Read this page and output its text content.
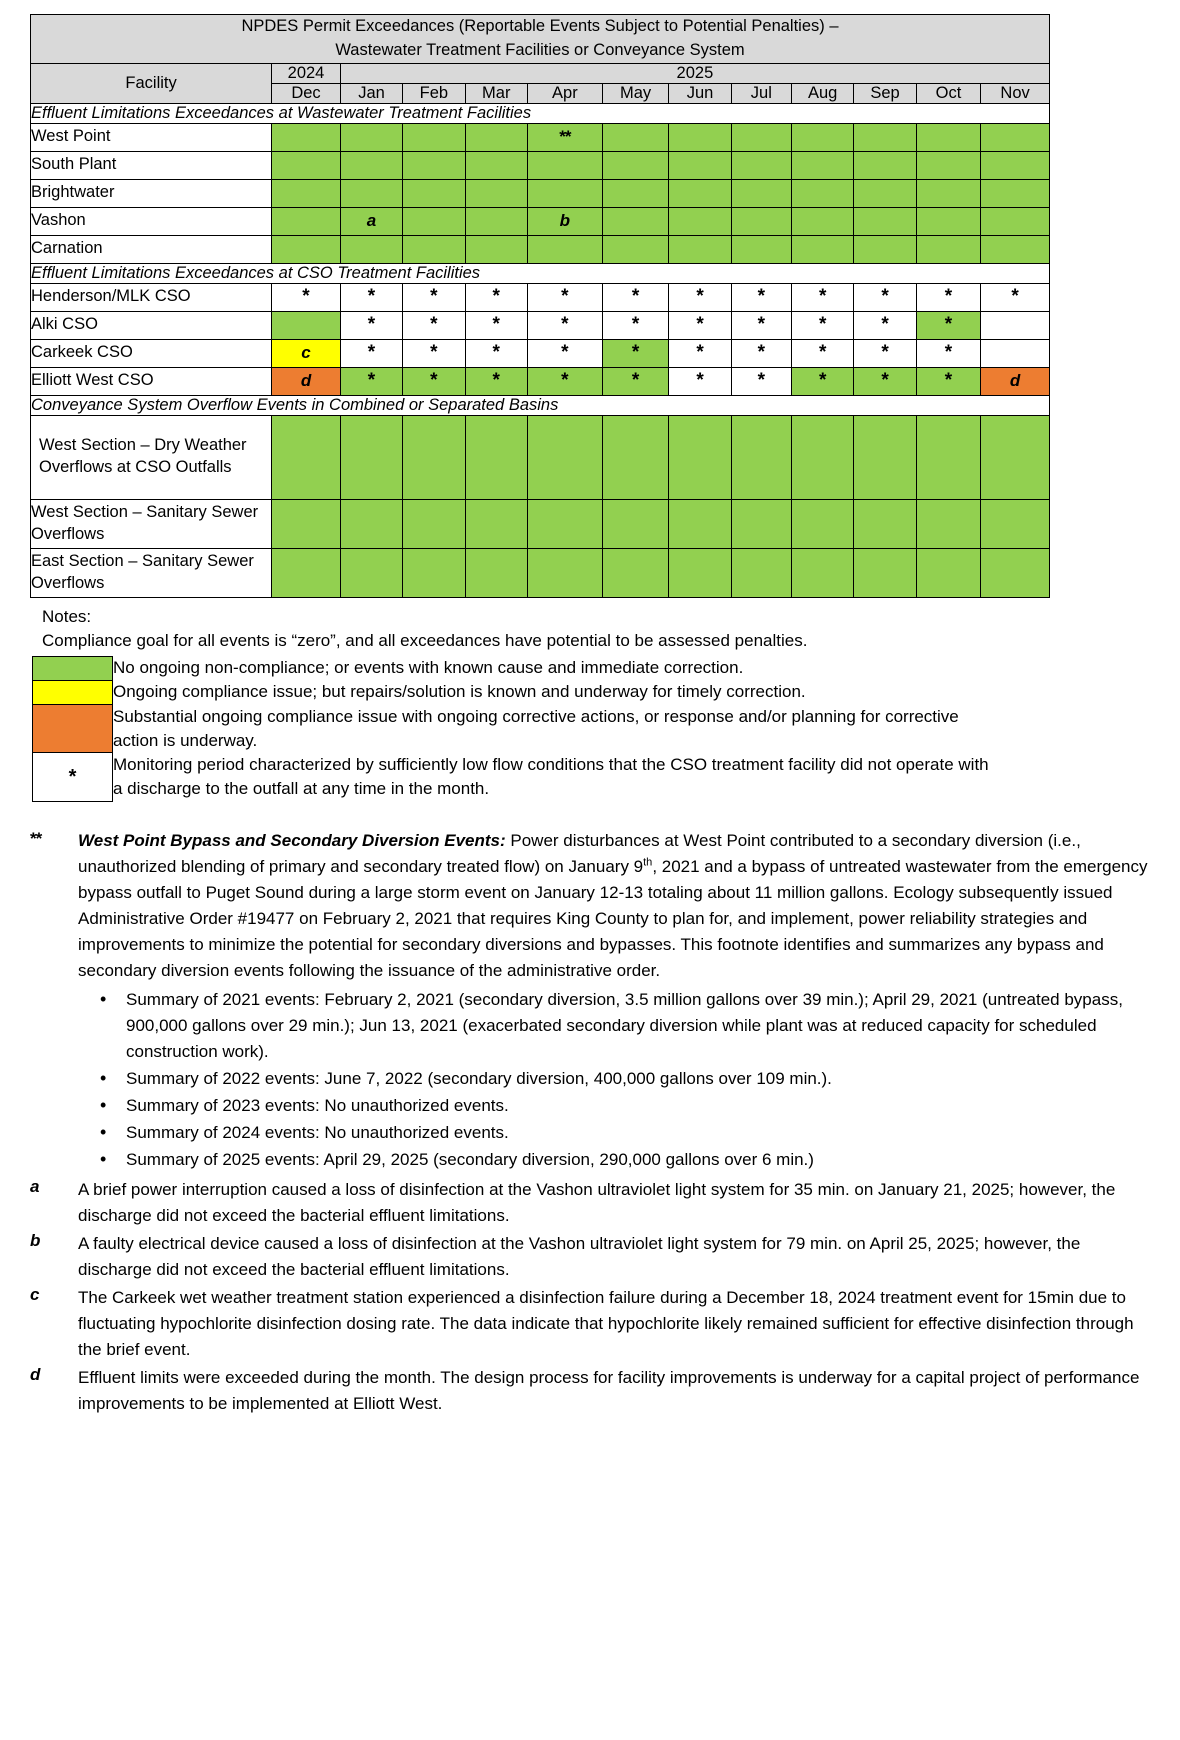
NPDES Permit Exceedances (Reportable Events Subject to Potential Penalties) –
Wastewater Treatment Facilities or Conveyance System												
Facility	2024	2025										
	Dec	Jan	Feb	Mar	Apr	May	Jun	Jul	Aug	Sep	Oct	Nov
Effluent Limitations Exceedances at Wastewater Treatment Facilities												
West Point					**							
South Plant												
Brightwater												
Vashon		a			b							
Carnation												
Effluent Limitations Exceedances at CSO Treatment Facilities												
Henderson/MLK CSO	*	*	*	*	*	*	*	*	*	*	*	*
Alki CSO		*	*	*	*	*	*	*	*	*	*	
Carkeek CSO	c	*	*	*	*	*	*	*	*	*	*	
Elliott West CSO	d	*	*	*	*	*	*	*	*	*	*	d
Conveyance System Overflow Events in Combined or Separated Basins												
West Section – Dry Weather Overflows at CSO Outfalls												
West Section – Sanitary Sewer Overflows												
East Section – Sanitary Sewer Overflows												
Notes:
Compliance goal for all events is “zero”, and all exceedances have potential to be assessed penalties.
	No ongoing non-compliance; or events with known cause and immediate correction.
	Ongoing compliance issue; but repairs/solution is known and underway for timely correction.
	Substantial ongoing compliance issue with ongoing corrective actions, or response and/or planning for corrective action is underway.
*	Monitoring period characterized by sufficiently low flow conditions that the CSO treatment facility did not operate with a discharge to the outfall at any time in the month.
**	West Point Bypass and Secondary Diversion Events: Power disturbances at West Point contributed to a secondary diversion (i.e., unauthorized blending of primary and secondary treated flow) on January 9th, 2021 and a bypass of untreated wastewater from the emergency bypass outfall to Puget Sound during a large storm event on January 12-13 totaling about 11 million gallons. Ecology subsequently issued Administrative Order #19477 on February 2, 2021 that requires King County to plan for, and implement, power reliability strategies and improvements to minimize the potential for secondary diversions and bypasses. This footnote identifies and summarizes any bypass and secondary diversion events following the issuance of the administrative order.
• Summary of 2021 events: February 2, 2021 (secondary diversion, 3.5 million gallons over 39 min.); April 29, 2021 (untreated bypass, 900,000 gallons over 29 min.); Jun 13, 2021 (exacerbated secondary diversion while plant was at reduced capacity for scheduled construction work).
• Summary of 2022 events: June 7, 2022 (secondary diversion, 400,000 gallons over 109 min.).
• Summary of 2023 events: No unauthorized events.
• Summary of 2024 events: No unauthorized events.
• Summary of 2025 events: April 29, 2025 (secondary diversion, 290,000 gallons over 6 min.)
a	A brief power interruption caused a loss of disinfection at the Vashon ultraviolet light system for 35 min. on January 21, 2025; however, the discharge did not exceed the bacterial effluent limitations.
b	A faulty electrical device caused a loss of disinfection at the Vashon ultraviolet light system for 79 min. on April 25, 2025; however, the discharge did not exceed the bacterial effluent limitations.
c	The Carkeek wet weather treatment station experienced a disinfection failure during a December 18, 2024 treatment event for 15min due to fluctuating hypochlorite disinfection dosing rate. The data indicate that hypochlorite likely remained sufficient for effective disinfection through the brief event.
d	Effluent limits were exceeded during the month. The design process for facility improvements is underway for a capital project of performance improvements to be implemented at Elliott West.
